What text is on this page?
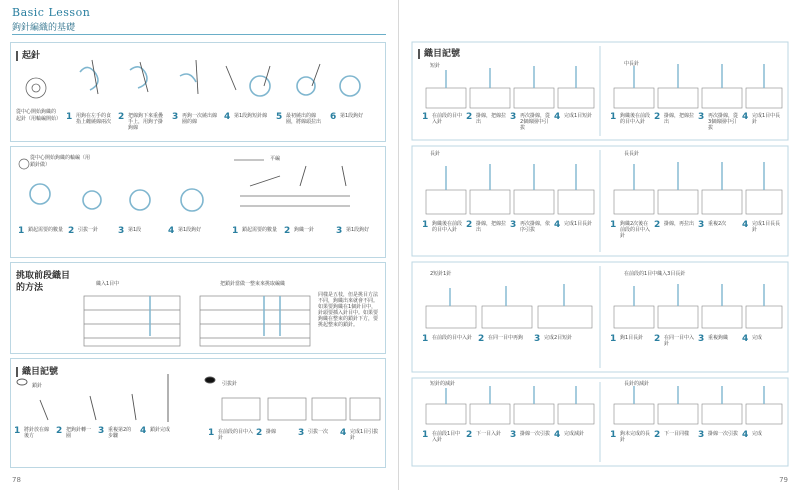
Basic Lesson
鉤針編織的基礎
起針
從中心開始鉤織的起針（用輪編開始） 1 用鉤在左手的食指上纏繞線兩次 2 把線鉤下來重疊手上，用鉤子掛鉤線
3 再鉤一次繞出線圈的線	4 第1段鉤短針線 5 最初繞出的線圈，將線頭拉出 6 第1段鉤好
從中心開始鉤織的輪編（用鎖針做）
平編
1 鎖起需要的數量 2 引拔一針	3 第1段	4 第1段鉤好	1 鎖起需要的數量 2 鉤織一針	3 第1段鉤好
挑取前段織目的方法	織入1目中	把鎖針當做一整束來挑取編織
同樣是五枝，但是挑目方法不同，鉤織出來就會不同。如果要鉤織在1個針目中，針頭要插入針目中。如果要鉤織在整束的鎖針下方，要挑起整束的鎖針。
織目記號
鎖針	引拔針
1 將針放在線後方	2 把鉤針轉一圈	3 重複第2的步驟	4 鎖針完成	1 在前段的目中入針	2 掛線	3 引拔一次	4 完成1目引拔針
78
織目記號
短針	中長針
長針	長長針
2短針1針	在前段的1目中織入3目長針
短針的減針	長針的減針
1 在前段的目中入針	2 掛線，把線拉出	3 再次掛線，從2個線圈中引拔
4 完成1目短針	1 鉤織後在前段的目中入針 2 掛線，把線拉出	3 再次掛線，從3個線圈中引拔
4 完成1目中長針
1 鉤織後在前段的目中入針 2 掛線，把線拉出	3 再次掛線，依序引拔	4 完成1目長針	1 鉤織2次後在前段的目中入針
2 掛線，再拉出 3 重複2次	4 完成1目長長針
1 在前段的目中入針 2 在同一目中再鉤	3 完成2目短針	1 鉤1目長針	2 在同一目中入針	3 重複鉤織	4 完成
1 在前段1目中入針	2 下一目入針 3 掛線一次引拔 4 完成減針	1 鉤未完成的長針	2 下一目同樣 3 掛線一次引拔 4 完成
79
